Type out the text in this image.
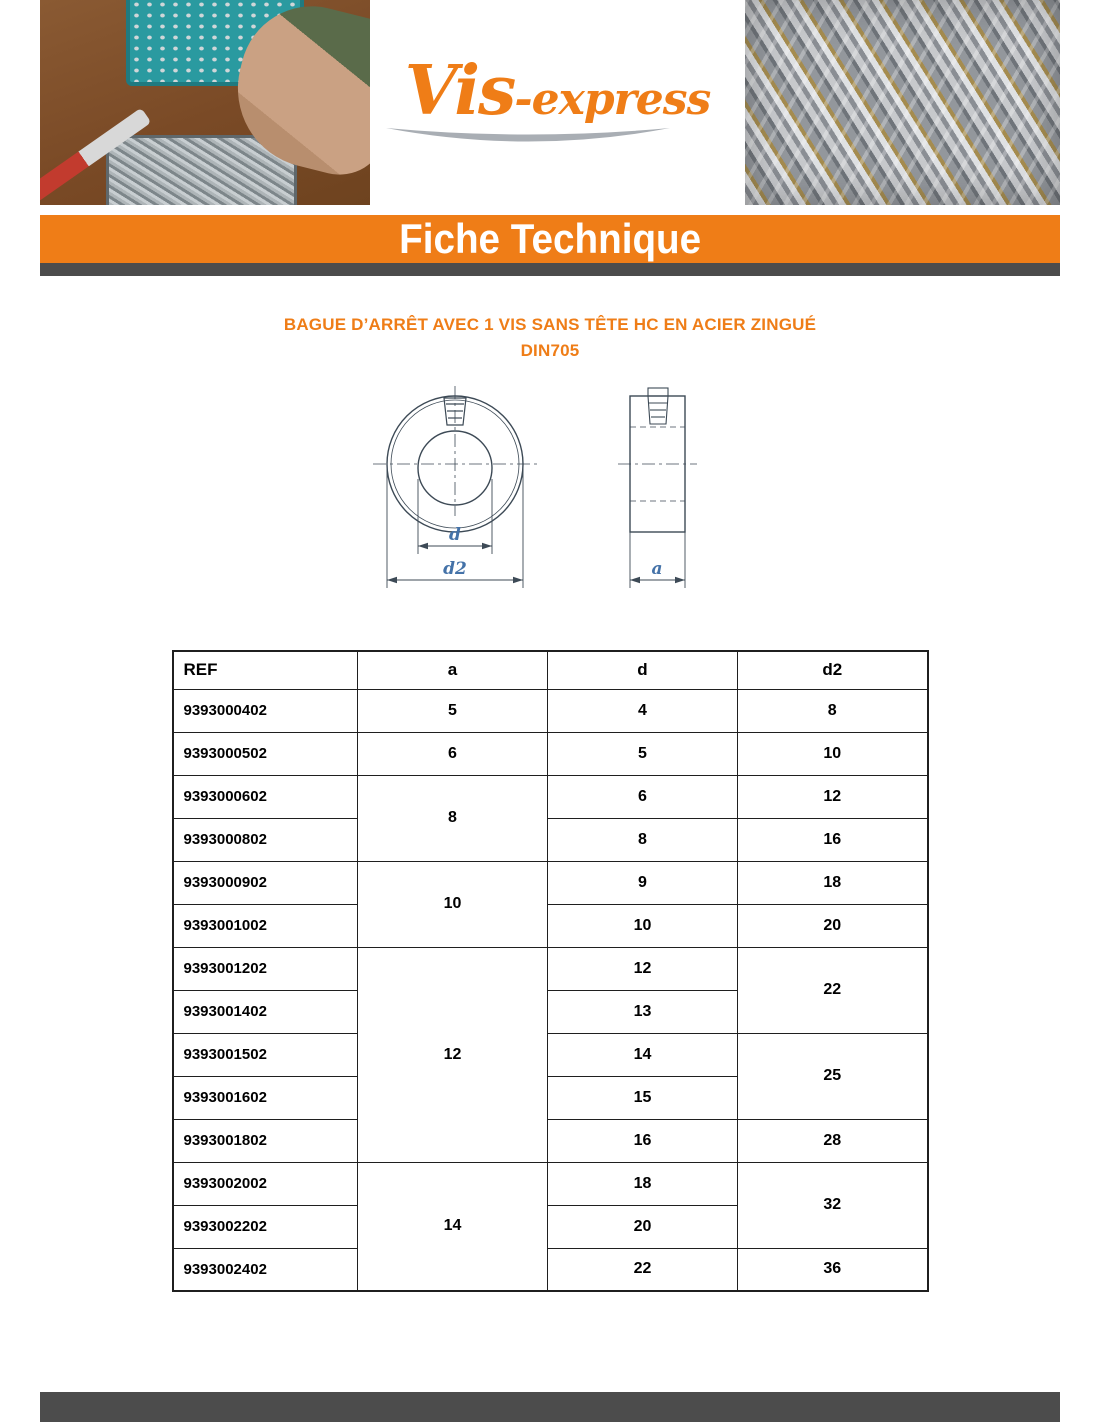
Vis-express
Fiche Technique
BAGUE D’ARRÊT AVEC 1 VIS SANS TÊTE HC EN ACIER ZINGUÉ
DIN705
d
d2	a
REF	a	d	d2
9393000402	5	4	8
9393000502	6	5	10
9393000602	8	6	12
9393000802		8	16
9393000902	10	9	18
9393001002		10	20
9393001202	12	12	22
9393001402		13	
9393001502		14	25
9393001602		15	
9393001802		16	28
9393002002	14	18	32
9393002202		20	
9393002402		22	36
